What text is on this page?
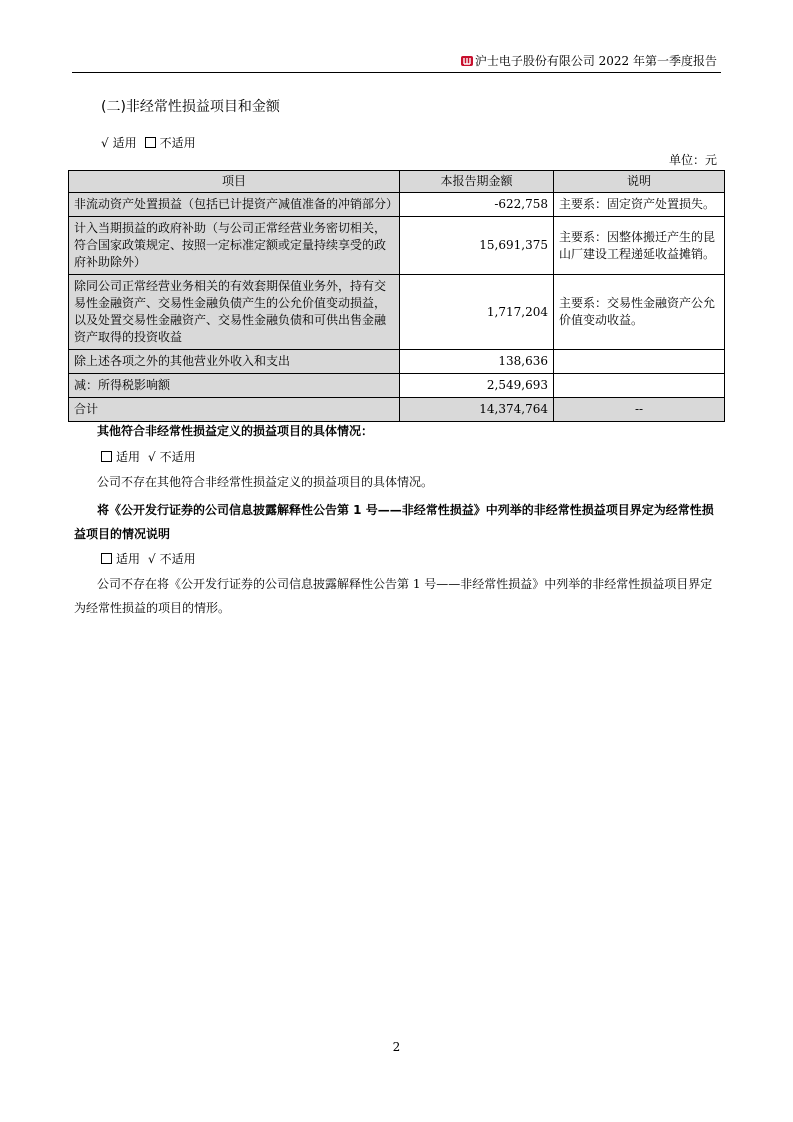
沪士电子股份有限公司 2022 年第一季度报告
(二)非经常性损益项目和金额
√ 适用 不适用
单位：元
项目	本报告期金额	说明
非流动资产处置损益（包括已计提资产减值准备的冲销部分）	-622,758	主要系：固定资产处置损失。
计入当期损益的政府补助（与公司正常经营业务密切相关，符合国家政策规定、按照一定标准定额或定量持续享受的政府补助除外）	15,691,375	主要系：因整体搬迁产生的昆山厂建设工程递延收益摊销。
除同公司正常经营业务相关的有效套期保值业务外，持有交易性金融资产、交易性金融负债产生的公允价值变动损益，以及处置交易性金融资产、交易性金融负债和可供出售金融资产取得的投资收益	1,717,204	主要系：交易性金融资产公允价值变动收益。
除上述各项之外的其他营业外收入和支出	138,636	
减：所得税影响额	2,549,693	
合计	14,374,764	--
其他符合非经常性损益定义的损益项目的具体情况：
适用 √ 不适用
公司不存在其他符合非经常性损益定义的损益项目的具体情况。
将《公开发行证券的公司信息披露解释性公告第 1 号——非经常性损益》中列举的非经常性损益项目界定为经常性损益项目的情况说明
适用 √ 不适用
公司不存在将《公开发行证券的公司信息披露解释性公告第 1 号——非经常性损益》中列举的非经常性损益项目界定为经常性损益的项目的情形。
2
